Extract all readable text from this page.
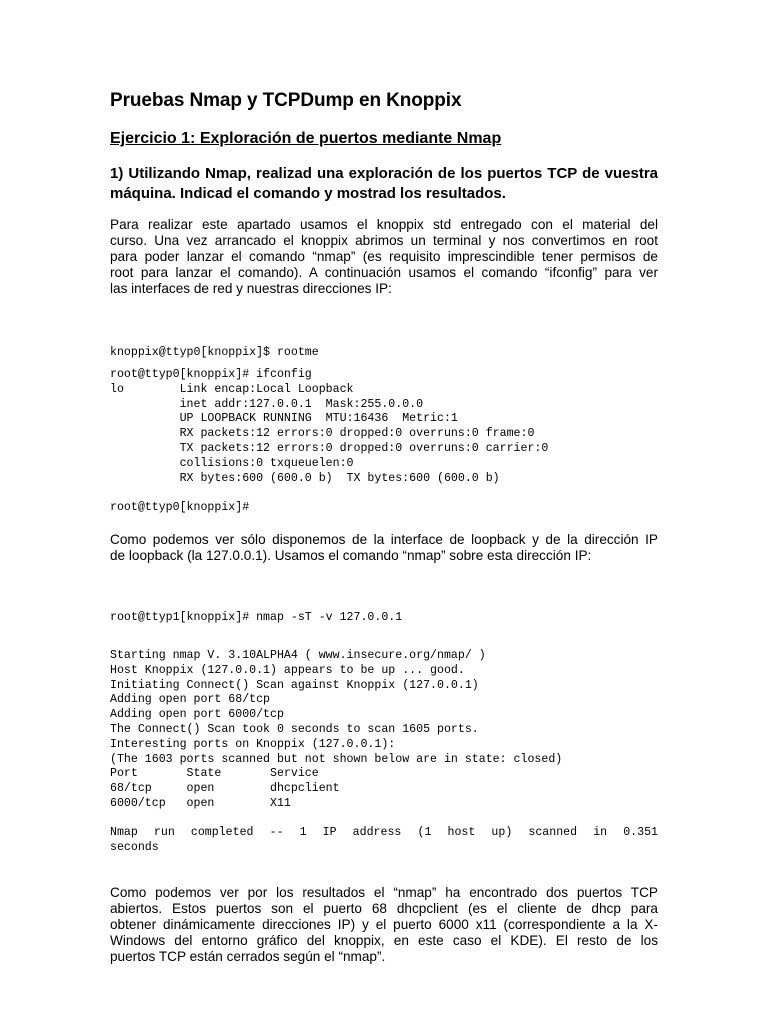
Pruebas Nmap y TCPDump en Knoppix
Ejercicio 1: Exploración de puertos mediante Nmap
1) Utilizando Nmap, realizad una exploración de los puertos TCP de vuestra máquina. Indicad el comando y mostrad los resultados.
Para realizar este apartado usamos el knoppix std entregado con el material del
curso. Una vez arrancado el knoppix abrimos un terminal y nos convertimos en root
para poder lanzar el comando “nmap” (es requisito imprescindible tener permisos de
root para lanzar el comando). A continuación usamos el comando “ifconfig” para ver
las interfaces de red y nuestras direcciones IP:
knoppix@ttyp0[knoppix]$ rootme
root@ttyp0[knoppix]# ifconfig
lo        Link encap:Local Loopback
inet addr:127.0.0.1  Mask:255.0.0.0
UP LOOPBACK RUNNING  MTU:16436  Metric:1
RX packets:12 errors:0 dropped:0 overruns:0 frame:0
TX packets:12 errors:0 dropped:0 overruns:0 carrier:0
collisions:0 txqueuelen:0
RX bytes:600 (600.0 b)  TX bytes:600 (600.0 b)
root@ttyp0[knoppix]#
Como podemos ver sólo disponemos de la interface de loopback y de la dirección IP
de loopback (la 127.0.0.1). Usamos el comando “nmap” sobre esta dirección IP:
root@ttyp1[knoppix]# nmap -sT -v 127.0.0.1
Starting nmap V. 3.10ALPHA4 ( www.insecure.org/nmap/ )
Host Knoppix (127.0.0.1) appears to be up ... good.
Initiating Connect() Scan against Knoppix (127.0.0.1)
Adding open port 68/tcp
Adding open port 6000/tcp
The Connect() Scan took 0 seconds to scan 1605 ports.
Interesting ports on Knoppix (127.0.0.1):
(The 1603 ports scanned but not shown below are in state: closed)
Port       State       Service
68/tcp     open        dhcpclient
6000/tcp   open        X11
Nmap run completed -- 1 IP address (1 host up) scanned in 0.351
seconds
Como podemos ver por los resultados el “nmap” ha encontrado dos puertos TCP
abiertos. Estos puertos son el puerto 68 dhcpclient (es el cliente de dhcp para
obtener dinámicamente direcciones IP) y el puerto 6000 x11 (correspondiente a la X-
Windows del entorno gráfico del knoppix, en este caso el KDE). El resto de los
puertos TCP están cerrados según el “nmap”.
